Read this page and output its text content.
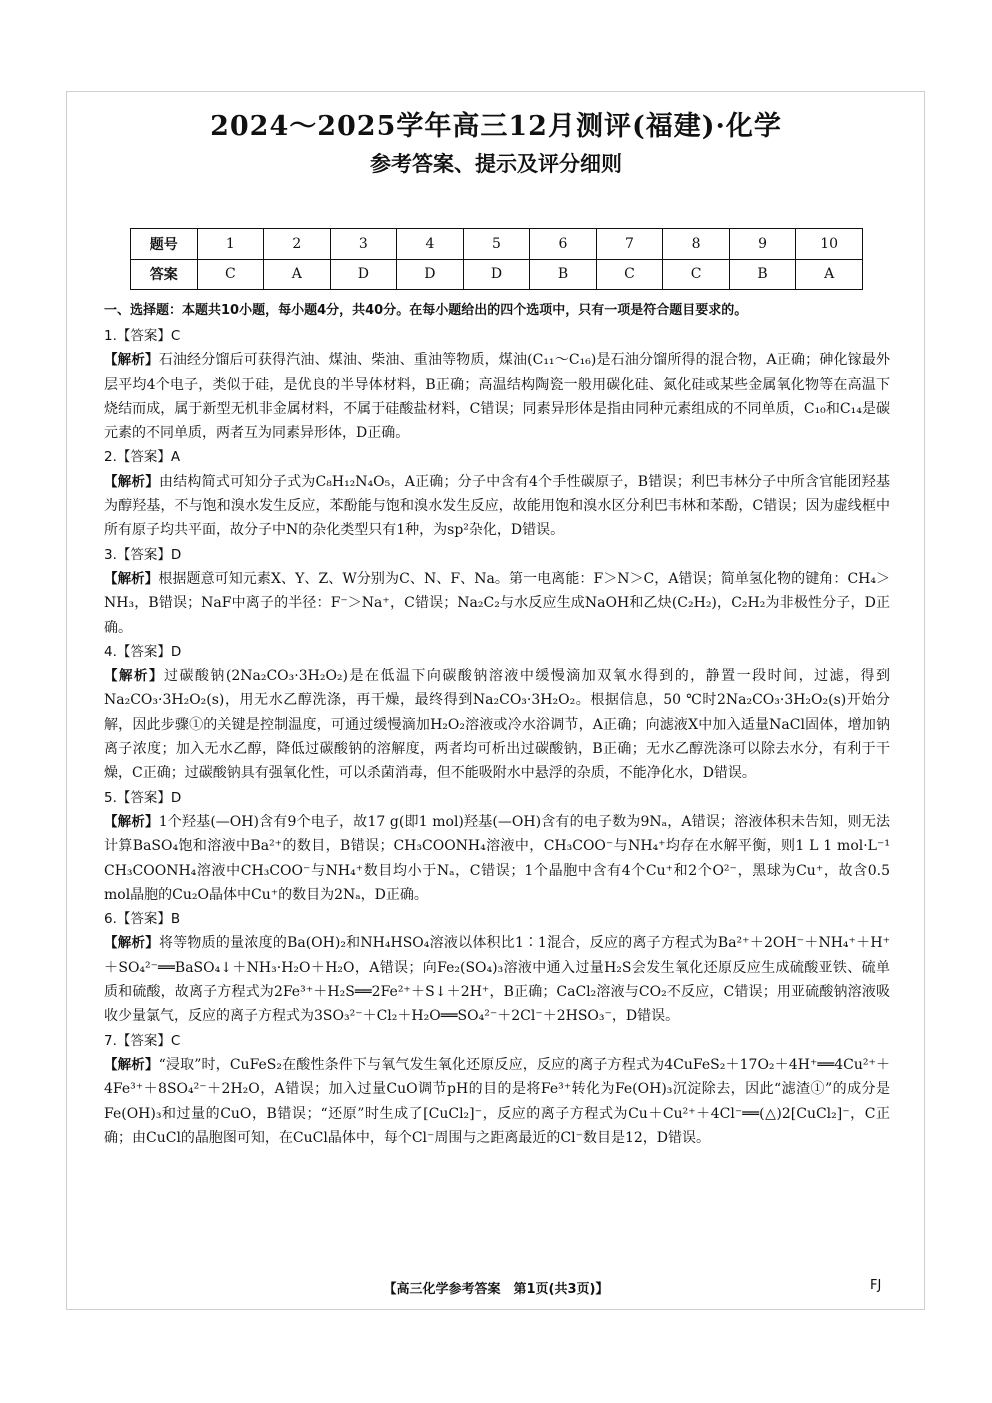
2024～2025学年高三12月测评(福建)·化学
参考答案、提示及评分细则
题号	1	2	3	4	5	6	7	8	9	10
答案	C	A	D	D	D	B	C	C	B	A
一、选择题：本题共10小题，每小题4分，共40分。在每小题给出的四个选项中，只有一项是符合题目要求的。
1.【答案】C

【解析】石油经分馏后可获得汽油、煤油、柴油、重油等物质，煤油(C₁₁～C₁₆)是石油分馏所得的混合物，A正确；砷化镓最外层平均4个电子，类似于硅，是优良的半导体材料，B正确；高温结构陶瓷一般用碳化硅、氮化硅或某些金属氧化物等在高温下烧结而成，属于新型无机非金属材料，不属于硅酸盐材料，C错误；同素异形体是指由同种元素组成的不同单质，C₁₀和C₁₄是碳元素的不同单质，两者互为同素异形体，D正确。

2.【答案】A

【解析】由结构简式可知分子式为C₈H₁₂N₄O₅，A正确；分子中含有4个手性碳原子，B错误；利巴韦林分子中所含官能团羟基为醇羟基，不与饱和溴水发生反应，苯酚能与饱和溴水发生反应，故能用饱和溴水区分利巴韦林和苯酚，C错误；因为虚线框中所有原子均共平面，故分子中N的杂化类型只有1种，为sp²杂化，D错误。

3.【答案】D

【解析】根据题意可知元素X、Y、Z、W分别为C、N、F、Na。第一电离能：F＞N＞C，A错误；简单氢化物的键角：CH₄＞NH₃，B错误；NaF中离子的半径：F⁻＞Na⁺，C错误；Na₂C₂与水反应生成NaOH和乙炔(C₂H₂)，C₂H₂为非极性分子，D正确。

4.【答案】D

【解析】过碳酸钠(2Na₂CO₃·3H₂O₂)是在低温下向碳酸钠溶液中缓慢滴加双氧水得到的，静置一段时间，过滤，得到Na₂CO₃·3H₂O₂(s)，用无水乙醇洗涤，再干燥，最终得到Na₂CO₃·3H₂O₂。根据信息，50 ℃时2Na₂CO₃·3H₂O₂(s)开始分解，因此步骤①的关键是控制温度，可通过缓慢滴加H₂O₂溶液或冷水浴调节，A正确；向滤液X中加入适量NaCl固体，增加钠离子浓度；加入无水乙醇，降低过碳酸钠的溶解度，两者均可析出过碳酸钠，B正确；无水乙醇洗涤可以除去水分，有利于干燥，C正确；过碳酸钠具有强氧化性，可以杀菌消毒，但不能吸附水中悬浮的杂质，不能净化水，D错误。

5.【答案】D

【解析】1个羟基(—OH)含有9个电子，故17 g(即1 mol)羟基(—OH)含有的电子数为9Nₐ，A错误；溶液体积未告知，则无法计算BaSO₄饱和溶液中Ba²⁺的数目，B错误；CH₃COONH₄溶液中，CH₃COO⁻与NH₄⁺均存在水解平衡，则1 L 1 mol·L⁻¹ CH₃COONH₄溶液中CH₃COO⁻与NH₄⁺数目均小于Nₐ，C错误；1个晶胞中含有4个Cu⁺和2个O²⁻，黑球为Cu⁺，故含0.5 mol晶胞的Cu₂O晶体中Cu⁺的数目为2Nₐ，D正确。

6.【答案】B

【解析】将等物质的量浓度的Ba(OH)₂和NH₄HSO₄溶液以体积比1∶1混合，反应的离子方程式为Ba²⁺＋2OH⁻＋NH₄⁺＋H⁺＋SO₄²⁻══BaSO₄↓＋NH₃·H₂O＋H₂O，A错误；向Fe₂(SO₄)₃溶液中通入过量H₂S会发生氧化还原反应生成硫酸亚铁、硫单质和硫酸，故离子方程式为2Fe³⁺＋H₂S══2Fe²⁺＋S↓＋2H⁺，B正确；CaCl₂溶液与CO₂不反应，C错误；用亚硫酸钠溶液吸收少量氯气，反应的离子方程式为3SO₃²⁻＋Cl₂＋H₂O══SO₄²⁻＋2Cl⁻＋2HSO₃⁻，D错误。

7.【答案】C

【解析】“浸取”时，CuFeS₂在酸性条件下与氧气发生氧化还原反应，反应的离子方程式为4CuFeS₂＋17O₂＋4H⁺══4Cu²⁺＋4Fe³⁺＋8SO₄²⁻＋2H₂O，A错误；加入过量CuO调节pH的目的是将Fe³⁺转化为Fe(OH)₃沉淀除去，因此“滤渣①”的成分是Fe(OH)₃和过量的CuO，B错误；“还原”时生成了[CuCl₂]⁻，反应的离子方程式为Cu＋Cu²⁺＋4Cl⁻══(△)2[CuCl₂]⁻，C正确；由CuCl的晶胞图可知，在CuCl晶体中，每个Cl⁻周围与之距离最近的Cl⁻数目是12，D错误。

【高三化学参考答案　第1页(共3页)】	FJ
